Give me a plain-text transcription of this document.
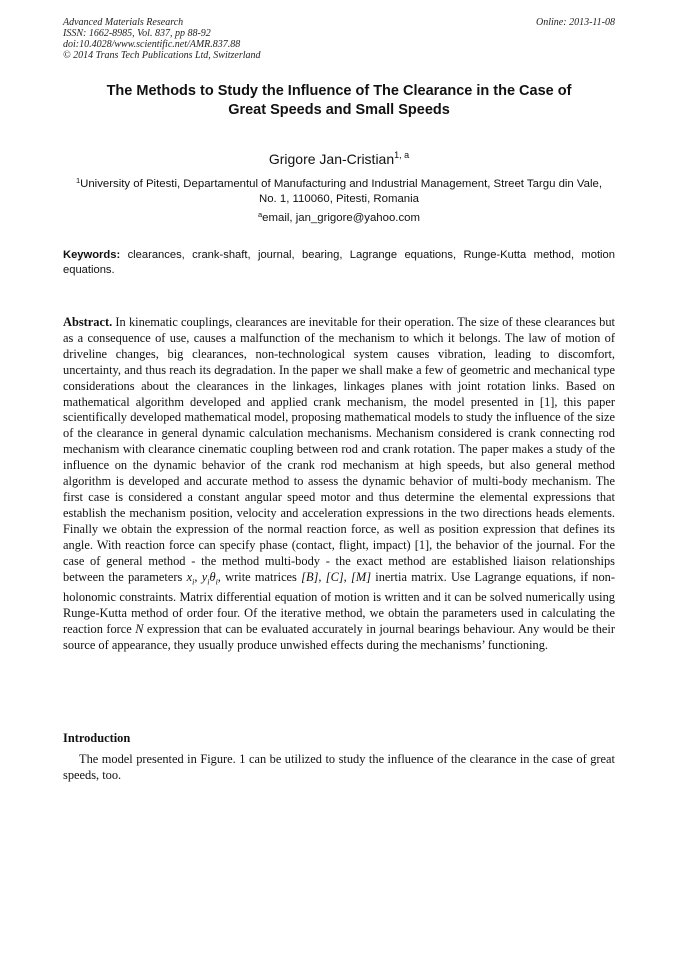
Advanced Materials Research
ISSN: 1662-8985, Vol. 837, pp 88-92
doi:10.4028/www.scientific.net/AMR.837.88
© 2014 Trans Tech Publications Ltd, Switzerland
Online: 2013-11-08
The Methods to Study the Influence of The Clearance in the Case of
Great Speeds and Small Speeds
Grigore Jan-Cristian$^{1, a}$
$^1$University of Pitesti, Departamentul of Manufacturing and Industrial Management, Street Targu din Vale, No. 1, 110060, Pitesti, Romania
$^a$email, jan_grigore@yahoo.com
Keywords: clearances, crank-shaft, journal, bearing, Lagrange equations, Runge-Kutta method, motion equations.
Abstract. In kinematic couplings, clearances are inevitable for their operation. The size of these clearances but as a consequence of use, causes a malfunction of the mechanism to which it belongs. The law of motion of driveline changes, big clearances, non-technological system causes vibration, leading to discomfort, uncertainty, and thus reach its degradation. In the paper we shall make a few of geometric and mechanical type considerations about the clearances in the linkages, linkages planes with joint rotation links. Based on mathematical algorithm developed and applied crank mechanism, the model presented in [1], this paper scientifically developed mathematical model, proposing mathematical models to study the influence of the size of the clearance in general dynamic calculation mechanisms. Mechanism considered is crank connecting rod mechanism with clearance cinematic coupling between rod and crank rotation. The paper makes a study of the influence on the dynamic behavior of the crank rod mechanism at high speeds, but also general method algorithm is developed and accurate method to assess the dynamic behavior of multi-body mechanism. The first case is considered a constant angular speed motor and thus determine the elemental expressions that establish the mechanism position, velocity and acceleration expressions in the two directions heads elements. Finally we obtain the expression of the normal reaction force, as well as position expression that defines its angle. With reaction force can specify phase (contact, flight, impact) [1], the behavior of the journal. For the case of general method - the method multi-body - the exact method are established liaison relationships between the parameters $x_i$, $y_i\theta_i$, write matrices [B], [C], [M] inertia matrix. Use Lagrange equations, if non-holonomic constraints. Matrix differential equation of motion is written and it can be solved numerically using Runge-Kutta method of order four. Of the iterative method, we obtain the parameters used in calculating the reaction force N expression that can be evaluated accurately in journal bearings behaviour. Any would be their source of appearance, they usually produce unwished effects during the mechanisms’ functioning.
Introduction
The model presented in Figure. 1 can be utilized to study the influence of the clearance in the case of great speeds, too.
